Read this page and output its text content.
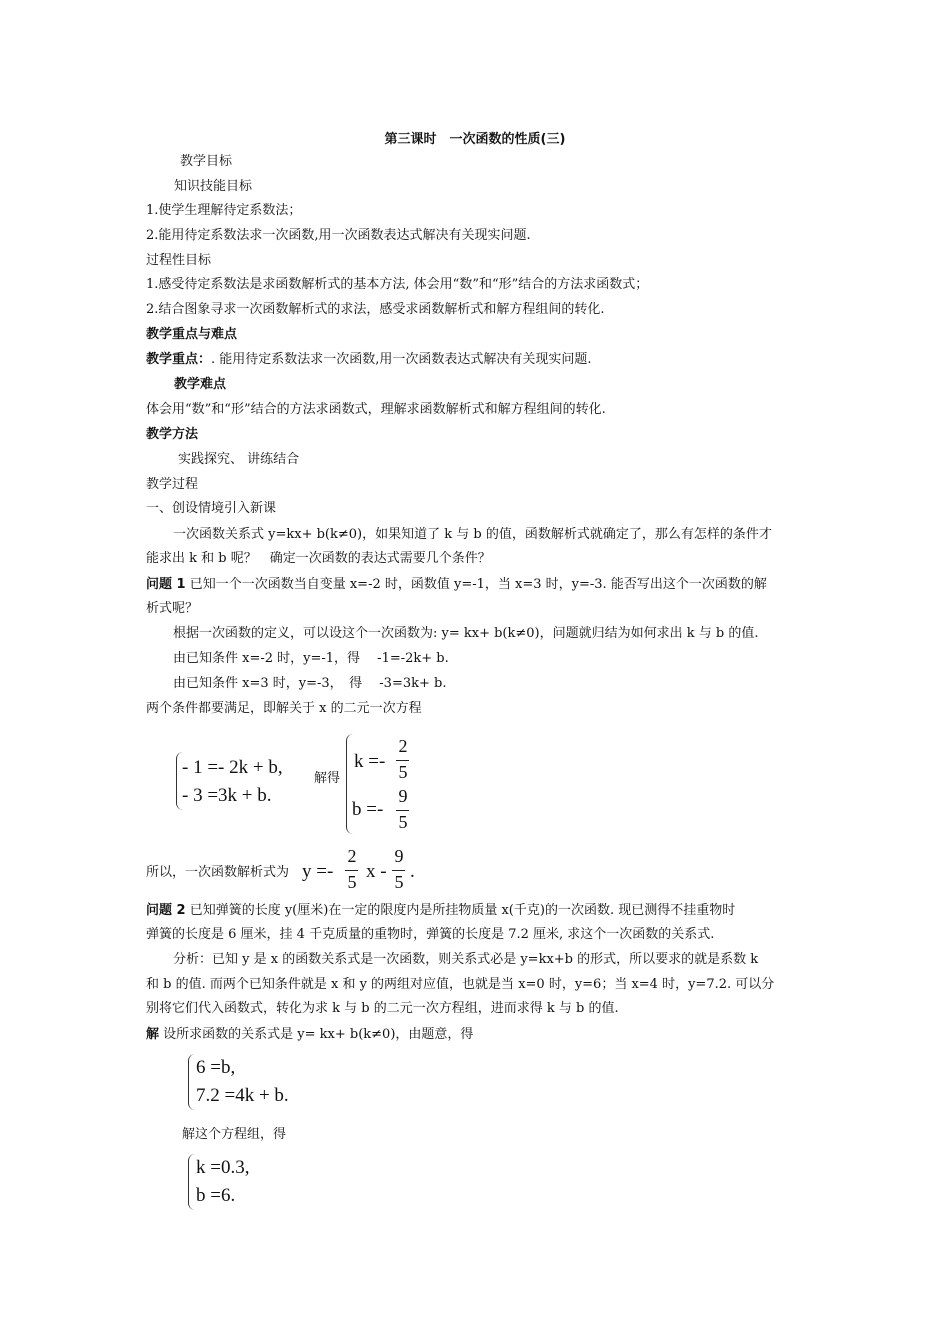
第三课时　一次函数的性质(三)
教学目标
知识技能目标
1.使学生理解待定系数法；
2.能用待定系数法求一次函数,用一次函数表达式解决有关现实问题.
过程性目标
1.感受待定系数法是求函数解析式的基本方法, 体会用“数”和“形”结合的方法求函数式；
2.结合图象寻求一次函数解析式的求法，感受求函数解析式和解方程组间的转化.
教学重点与难点
教学重点：. 能用待定系数法求一次函数,用一次函数表达式解决有关现实问题.
教学难点
体会用“数”和“形”结合的方法求函数式，理解求函数解析式和解方程组间的转化.
教学方法
实践探究、 讲练结合
教学过程
一、创设情境引入新课
一次函数关系式 y=kx+ b(k≠0)，如果知道了 k 与 b 的值，函数解析式就确定了，那么有怎样的条件才
能求出 k 和 b 呢？　确定一次函数的表达式需要几个条件？
问题 1 已知一个一次函数当自变量 x=-2 时，函数值 y=-1，当 x=3 时，y=-3. 能否写出这个一次函数的解
析式呢？
根据一次函数的定义，可以设这个一次函数为: y= kx+ b(k≠0)，问题就归结为如何求出 k 与 b 的值.
由已知条件 x=-2 时，y=-1，得　 -1=-2k+ b.
由已知条件 x=3 时，y=-3，　得　 -3=3k+ b.
两个条件都要满足，即解关于 x 的二元一次方程
- 1 =- 2k + b,
- 3 =3k + b.
解得
k =-
2
5
b =-
9
5
所以，一次函数解析式为 y =-
2
5 x -
9
5 .
问题 2 已知弹簧的长度 y(厘米)在一定的限度内是所挂物质量 x(千克)的一次函数. 现已测得不挂重物时
弹簧的长度是 6 厘米，挂 4 千克质量的重物时，弹簧的长度是 7.2 厘米, 求这个一次函数的关系式.
分析：已知 y 是 x 的函数关系式是一次函数，则关系式必是 y=kx+b 的形式，所以要求的就是系数 k
和 b 的值. 而两个已知条件就是 x 和 y 的两组对应值，也就是当 x=0 时，y=6；当 x=4 时，y=7.2. 可以分
别将它们代入函数式，转化为求 k 与 b 的二元一次方程组，进而求得 k 与 b 的值.
解 设所求函数的关系式是 y= kx+ b(k≠0)，由题意，得
6 =b,
7.2 =4k + b.
解这个方程组，得
k =0.3,
b =6.
